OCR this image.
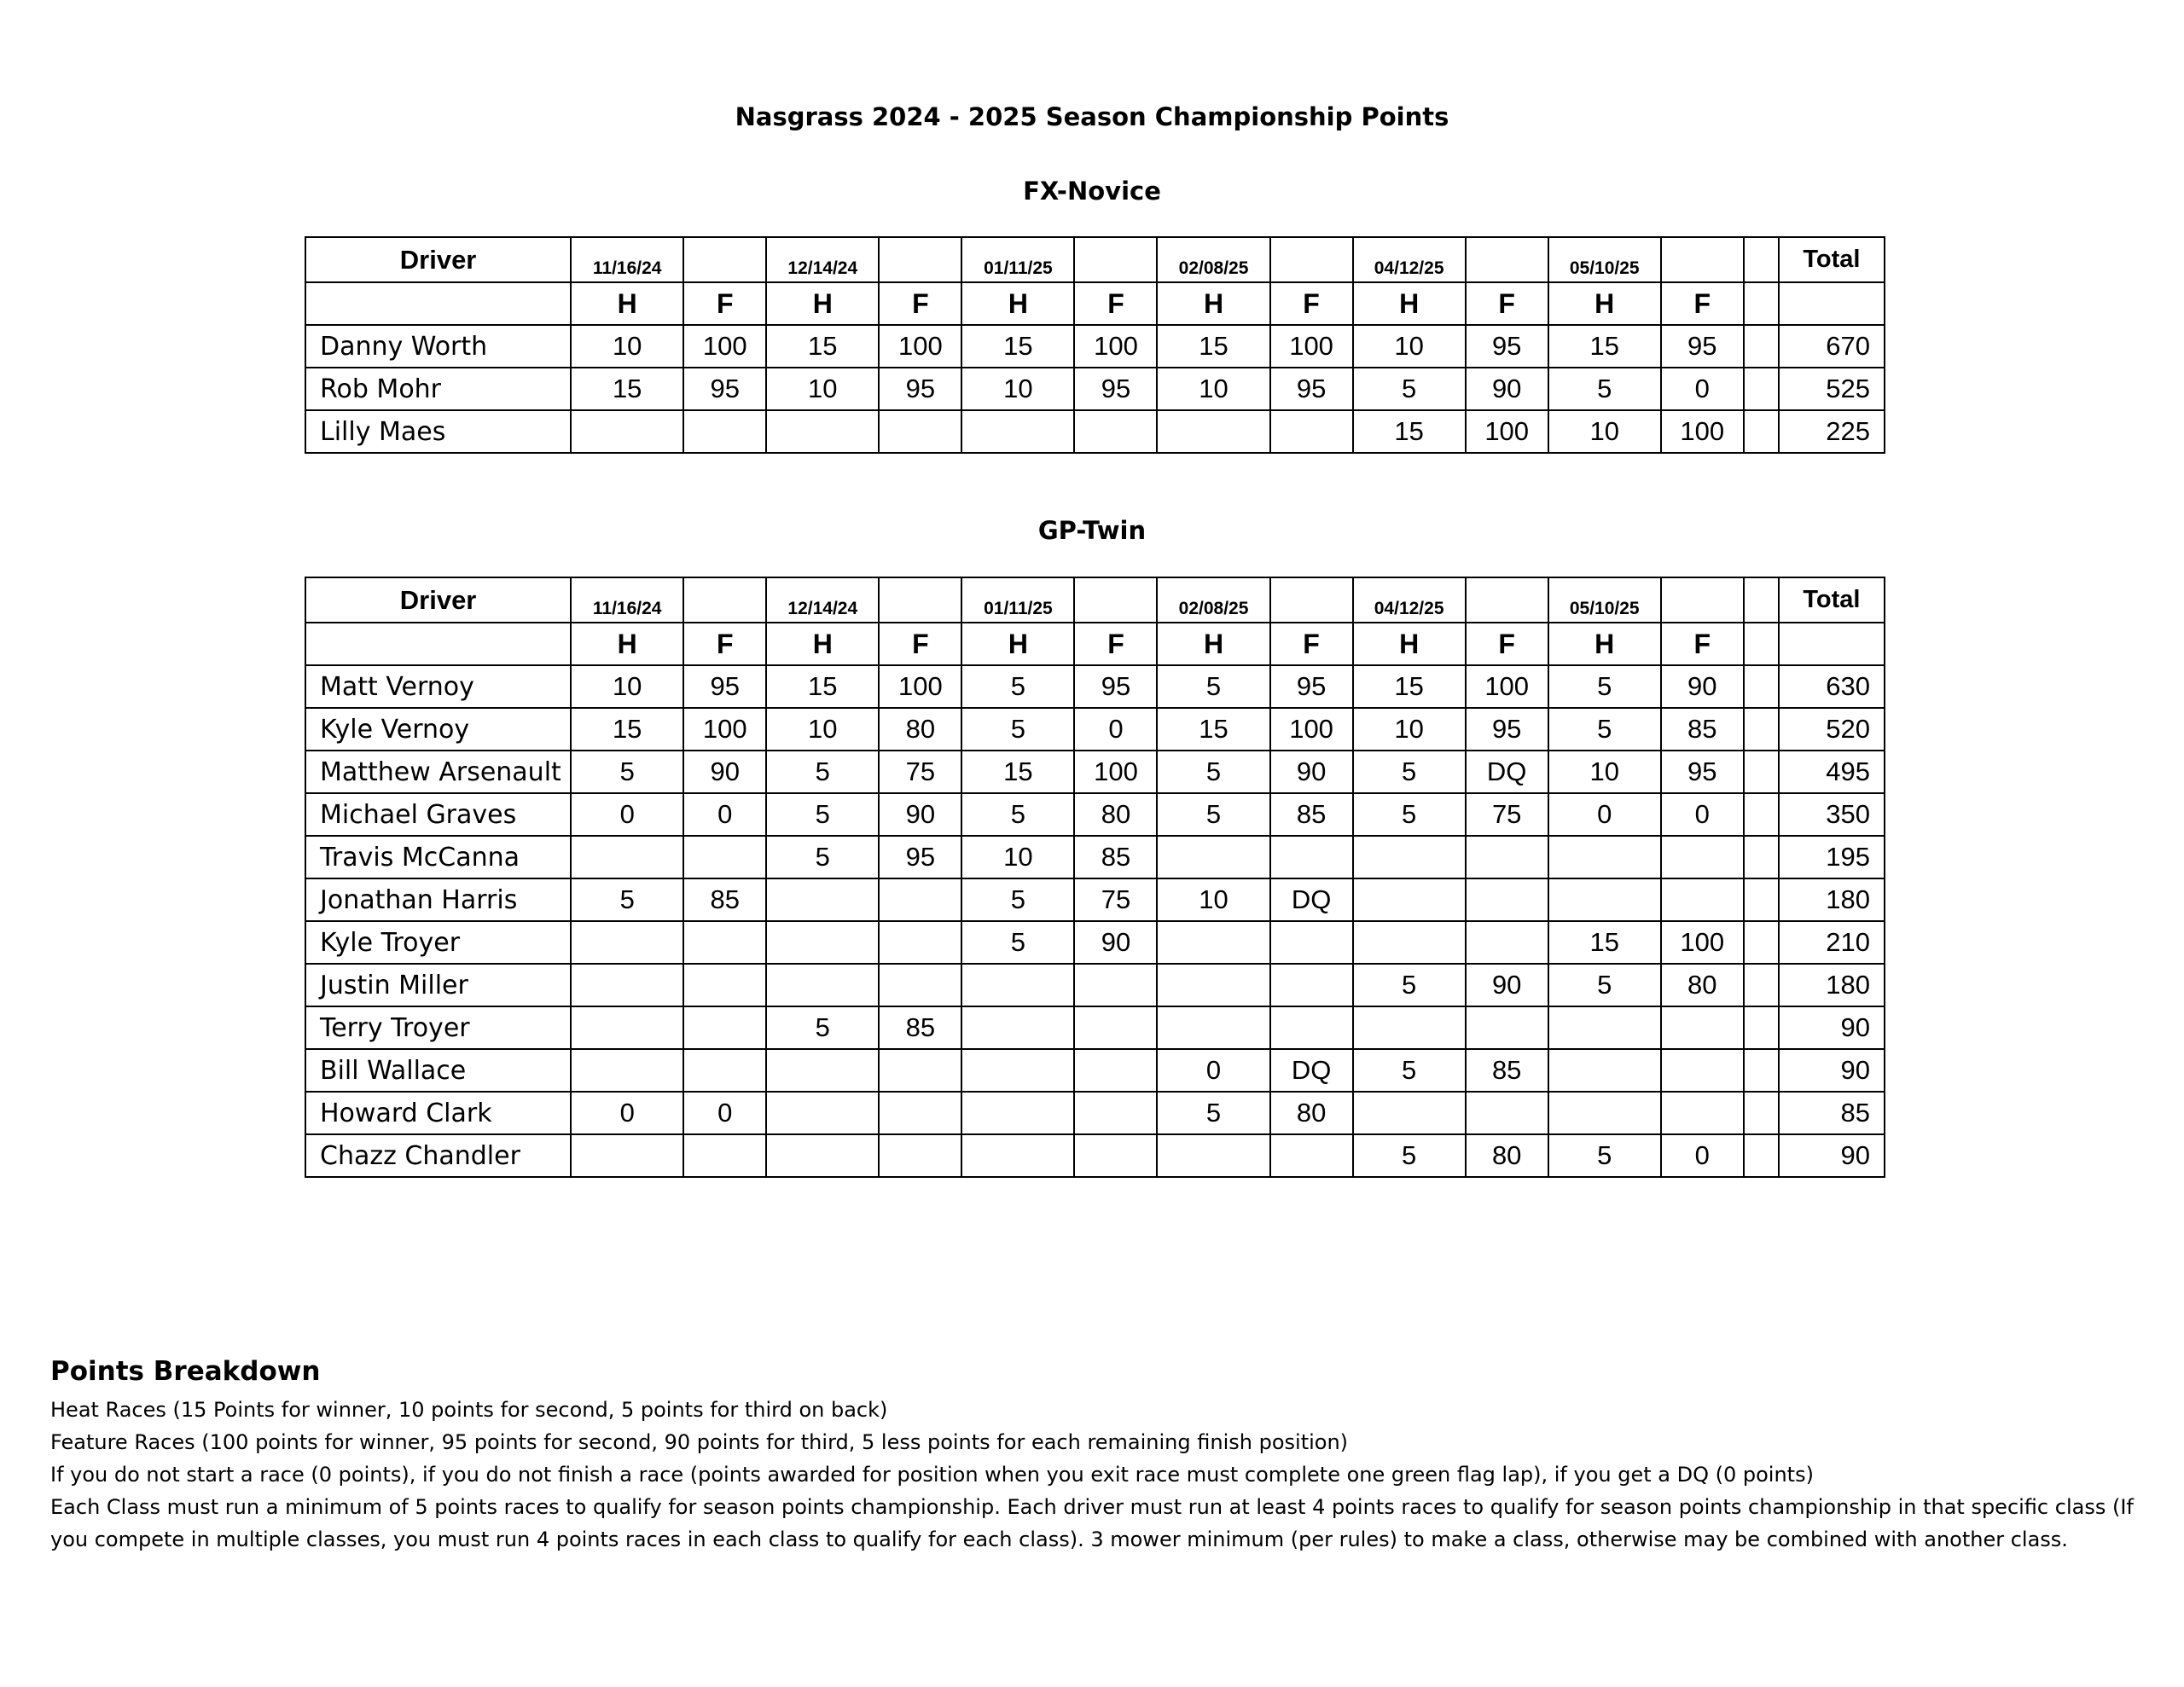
Nasgrass 2024 - 2025 Season Championship Points
FX-Novice
Driver	11/16/24		12/14/24		01/11/25		02/08/25		04/12/25		05/10/25			Total
	H	F	H	F	H	F	H	F	H	F	H	F		
Danny Worth	10	100	15	100	15	100	15	100	10	95	15	95		670
Rob Mohr	15	95	10	95	10	95	10	95	5	90	5	0		525
Lilly Maes									15	100	10	100		225
GP-Twin
Driver	11/16/24		12/14/24		01/11/25		02/08/25		04/12/25		05/10/25			Total
	H	F	H	F	H	F	H	F	H	F	H	F		
Matt Vernoy	10	95	15	100	5	95	5	95	15	100	5	90		630
Kyle Vernoy	15	100	10	80	5	0	15	100	10	95	5	85		520
Matthew Arsenault	5	90	5	75	15	100	5	90	5	DQ	10	95		495
Michael Graves	0	0	5	90	5	80	5	85	5	75	0	0		350
Travis McCanna			5	95	10	85								195
Jonathan Harris	5	85			5	75	10	DQ						180
Kyle Troyer					5	90					15	100		210
Justin Miller									5	90	5	80		180
Terry Troyer			5	85										90
Bill Wallace							0	DQ	5	85				90
Howard Clark	0	0					5	80						85
Chazz Chandler									5	80	5	0		90
Points Breakdown

Heat Races (15 Points for winner, 10 points for second, 5 points for third on back)

Feature Races (100 points for winner, 95 points for second, 90 points for third, 5 less points for each remaining finish position)

If you do not start a race (0 points), if you do not finish a race (points awarded for position when you exit race must complete one green flag lap), if you get a DQ (0 points)

Each Class must run a minimum of 5 points races to qualify for season points championship. Each driver must run at least 4 points races to qualify for season points championship in that specific class (If you compete in multiple classes, you must run 4 points races in each class to qualify for each class). 3 mower minimum (per rules) to make a class, otherwise may be combined with another class.
